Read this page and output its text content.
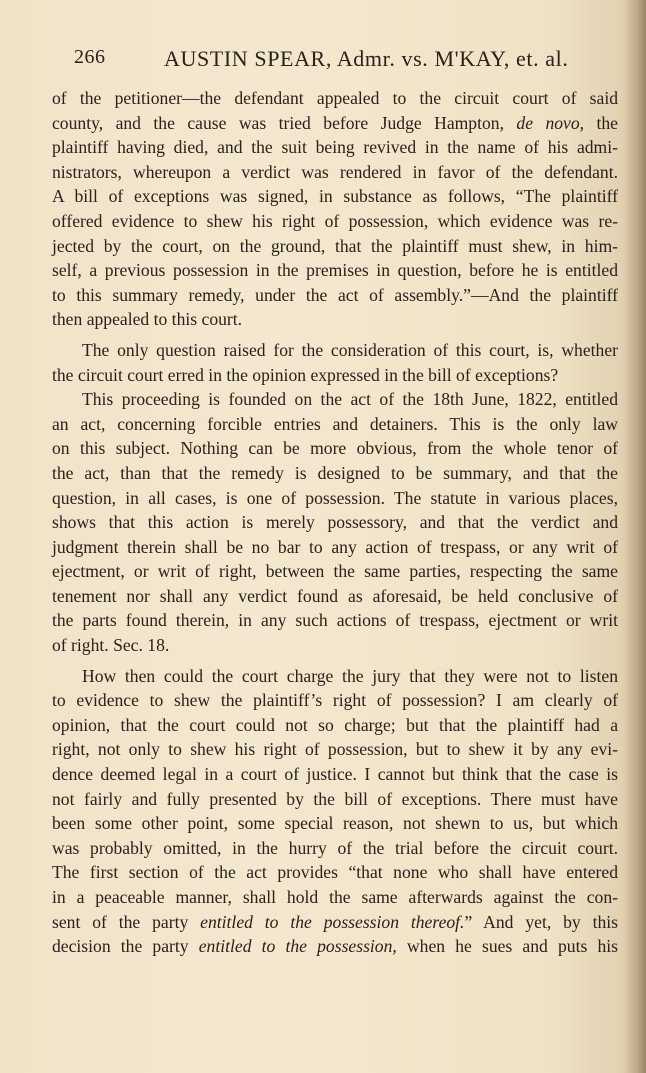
266	AUSTIN SPEAR, Admr. vs. M'KAY, et. al.

of the petitioner—the defendant appealed to the circuit court of said
county, and the cause was tried before Judge Hampton, de novo, the
plaintiff having died, and the suit being revived in the name of his admi-
nistrators, whereupon a verdict was rendered in favor of the defendant.
A bill of exceptions was signed, in substance as follows, “The plaintiff
offered evidence to shew his right of possession, which evidence was re-
jected by the court, on the ground, that the plaintiff must shew, in him-
self, a previous possession in the premises in question, before he is entitled
to this summary remedy, under the act of assembly.”—And the plaintiff
then appealed to this court.

The only question raised for the consideration of this court, is, whether
the circuit court erred in the opinion expressed in the bill of exceptions?

This proceeding is founded on the act of the 18th June, 1822, entitled
an act, concerning forcible entries and detainers. This is the only law
on this subject. Nothing can be more obvious, from the whole tenor of
the act, than that the remedy is designed to be summary, and that the
question, in all cases, is one of possession. The statute in various places,
shows that this action is merely possessory, and that the verdict and
judgment therein shall be no bar to any action of trespass, or any writ of
ejectment, or writ of right, between the same parties, respecting the same
tenement nor shall any verdict found as aforesaid, be held conclusive of
the parts found therein, in any such actions of trespass, ejectment or writ
of right. Sec. 18.

How then could the court charge the jury that they were not to listen
to evidence to shew the plaintiff’s right of possession? I am clearly of
opinion, that the court could not so charge; but that the plaintiff had a
right, not only to shew his right of possession, but to shew it by any evi-
dence deemed legal in a court of justice. I cannot but think that the case is
not fairly and fully presented by the bill of exceptions. There must have
been some other point, some special reason, not shewn to us, but which
was probably omitted, in the hurry of the trial before the circuit court.
The first section of the act provides “that none who shall have entered
in a peaceable manner, shall hold the same afterwards against the con-
sent of the party entitled to the possession thereof.” And yet, by this
decision the party entitled to the possession, when he sues and puts his
